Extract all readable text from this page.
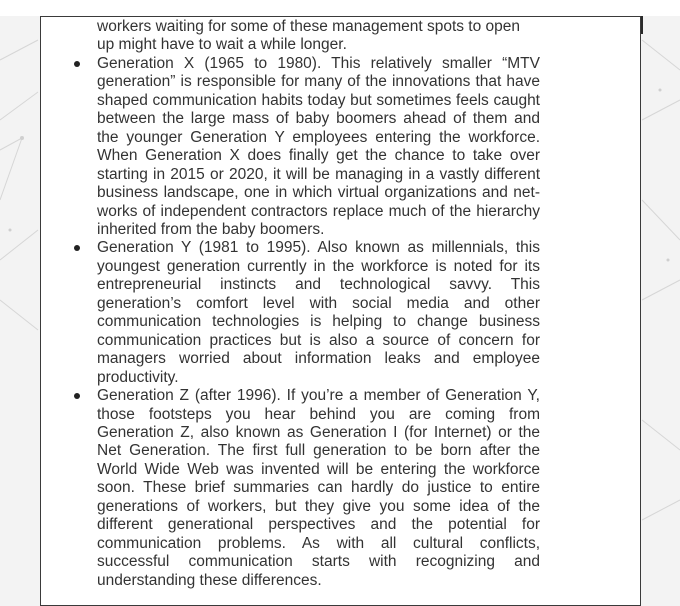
workers waiting for some of these management spots to open up might have to wait a while longer.

Generation X (1965 to 1980). This relatively smaller “MTV generation” is responsible for many of the innovations that have shaped communication habits today but sometimes feels caught between the large mass of baby boomers ahead of them and the younger Generation Y employees entering the workforce. When Generation X does finally get the chance to take over starting in 2015 or 2020, it will be managing in a vastly different business landscape, one in which virtual organizations and net- works of independent contractors replace much of the hierarchy inherited from the baby boomers.
Generation Y (1981 to 1995). Also known as millennials, this youngest generation currently in the workforce is noted for its entrepreneurial instincts and technological savvy. This generation’s comfort level with social media and other communication technologies is helping to change business communication practices but is also a source of concern for managers worried about information leaks and employee productivity.
Generation Z (after 1996). If you’re a member of Generation Y, those footsteps you hear behind you are coming from Generation Z, also known as Generation I (for Internet) or the Net Generation. The first full generation to be born after the World Wide Web was invented will be entering the workforce soon. These brief summaries can hardly do justice to entire generations of workers, but they give you some idea of the different generational perspectives and the potential for communication problems. As with all cultural conflicts, successful communication starts with recognizing and understanding these differences.
